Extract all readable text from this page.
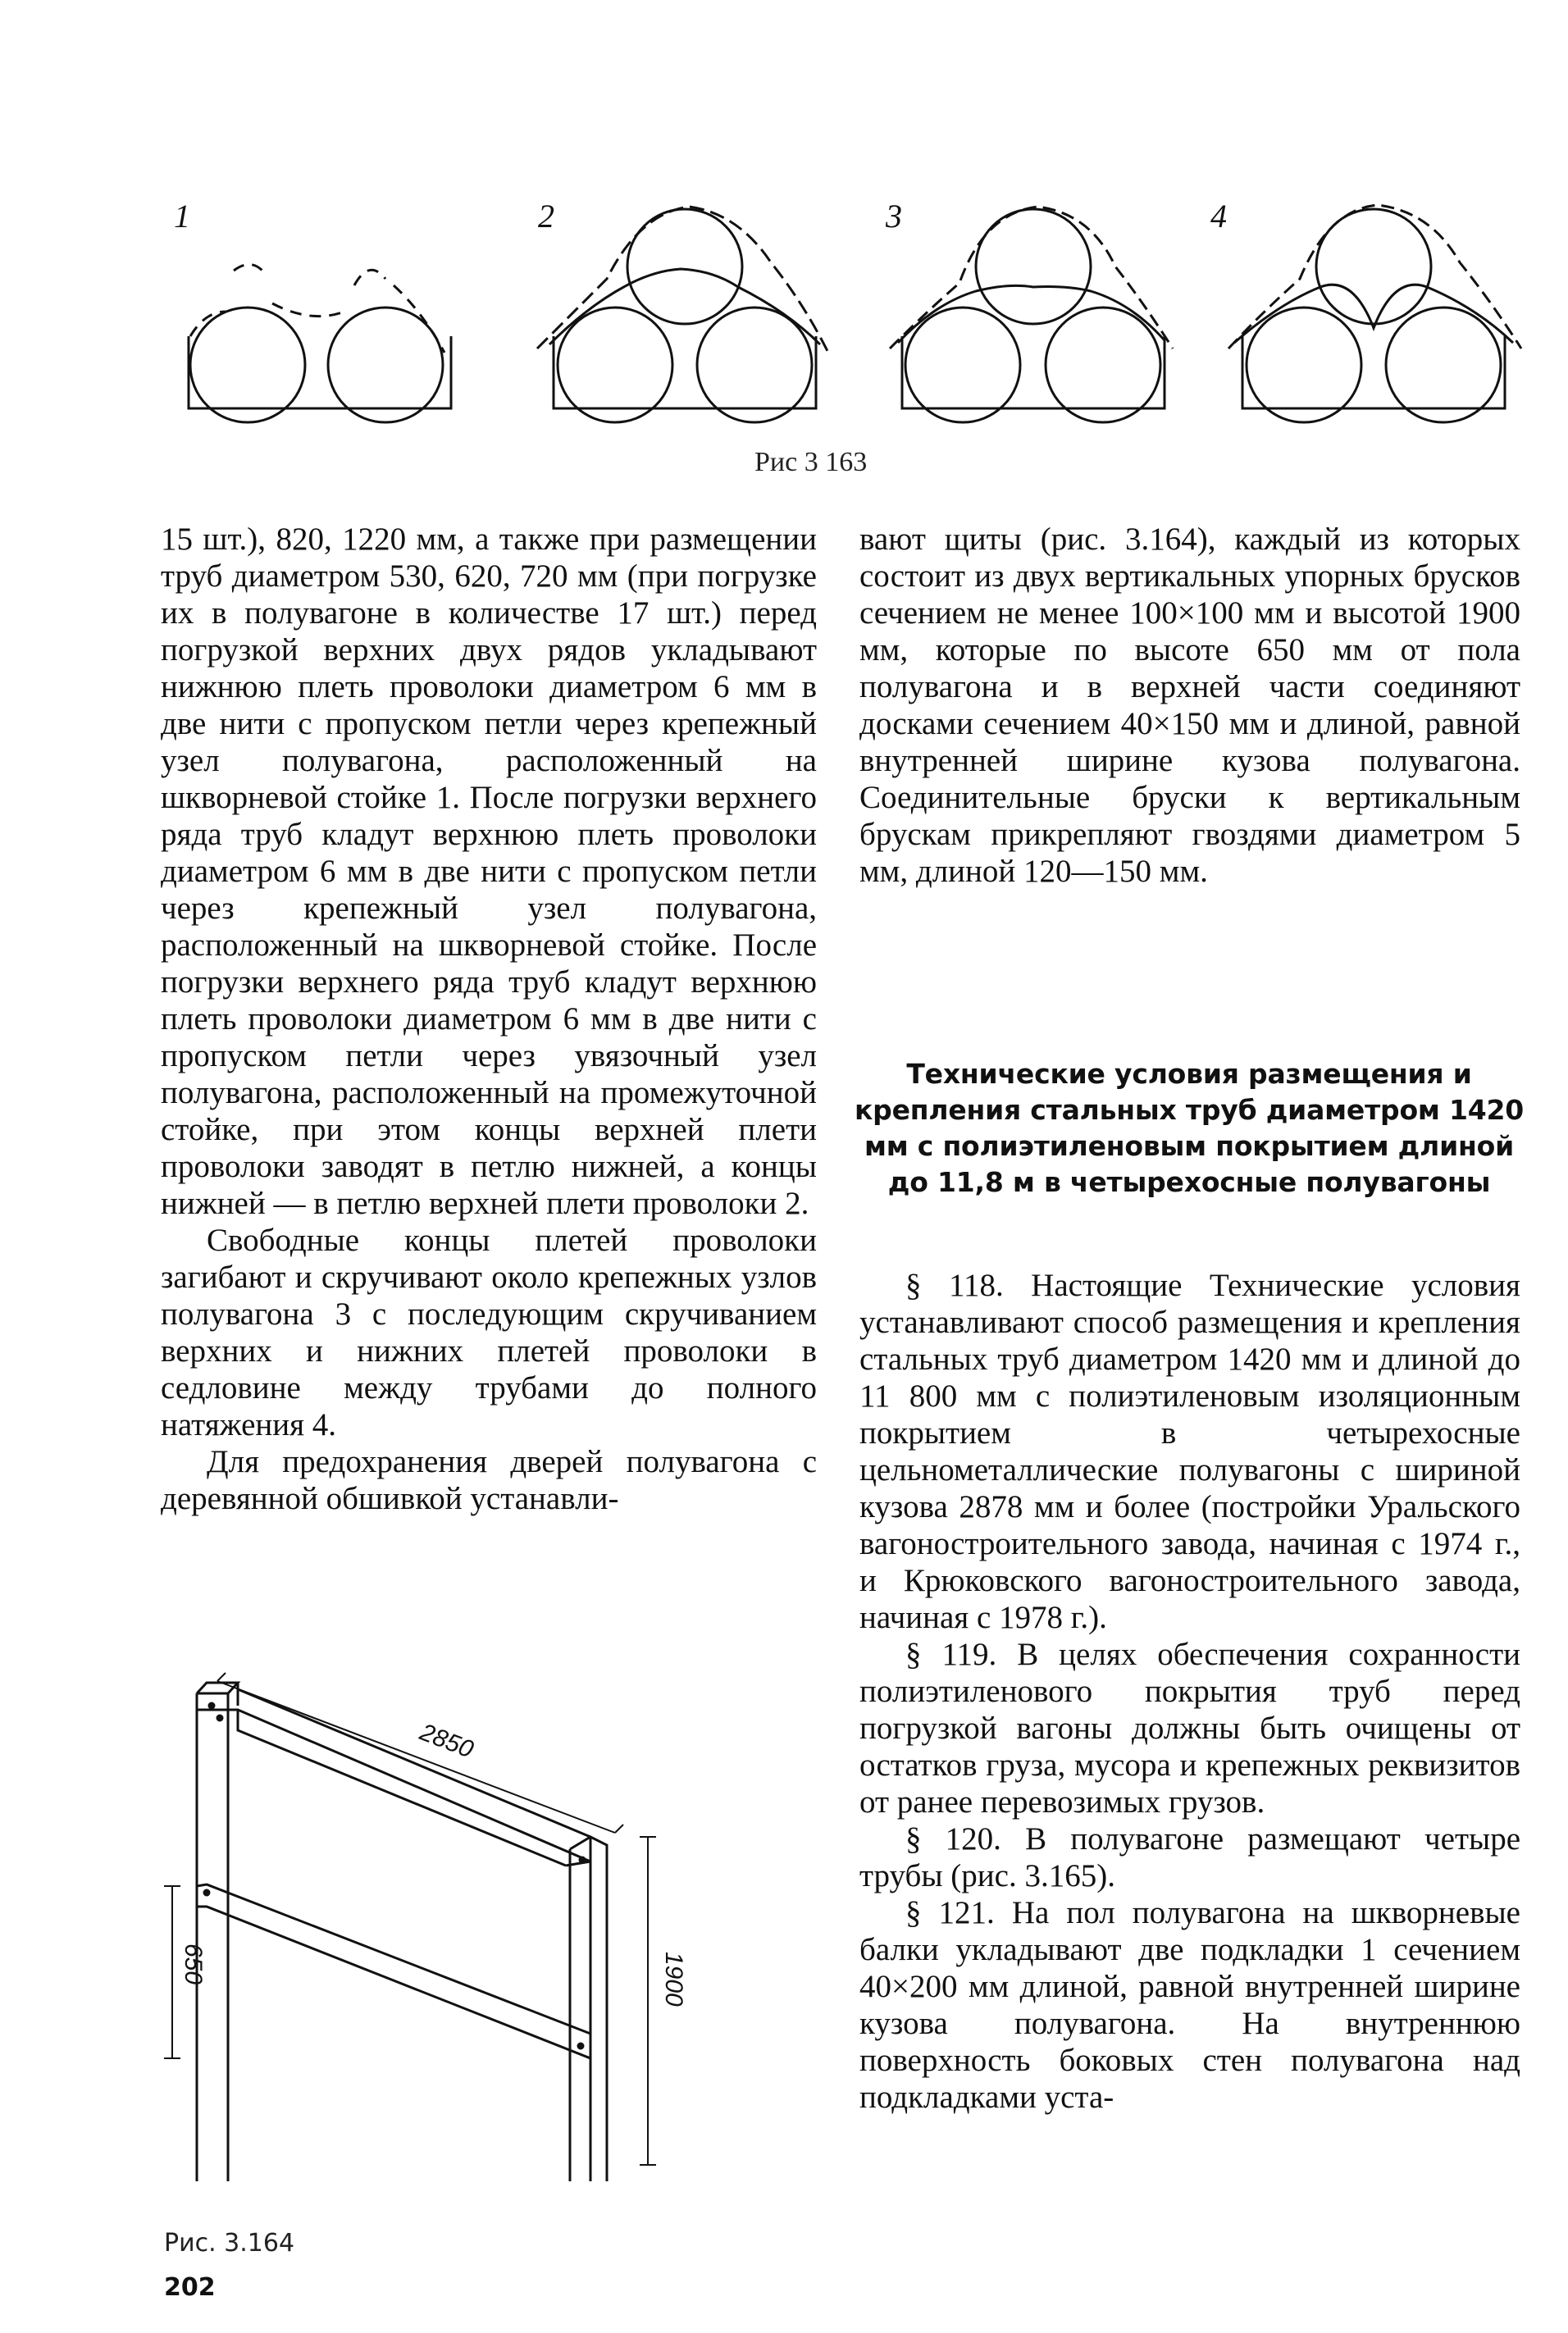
1	2	3	4
Рис 3 163

15 шт.), 820, 1220 мм, а также при размещении труб диаметром 530, 620, 720 мм (при погрузке их в полувагоне в количестве 17 шт.) перед погрузкой верхних двух рядов укладывают нижнюю плеть проволоки диаметром 6 мм в две нити с пропуском петли через крепежный узел полувагона, расположенный на шкворневой стойке 1. После погрузки верхнего ряда труб кладут верхнюю плеть проволоки диаметром 6 мм в две нити с пропуском петли через крепежный узел полувагона, расположенный на шкворневой стойке. После погрузки верхнего ряда труб кладут верхнюю плеть проволоки диаметром 6 мм в две нити с пропуском петли через увязочный узел полувагона, расположенный на промежуточной стойке, при этом концы верхней плети проволоки заводят в петлю нижней, а концы нижней — в петлю верхней плети проволоки 2.

Свободные концы плетей проволоки загибают и скручивают около крепежных узлов полувагона 3 с последующим скручиванием верхних и нижних плетей проволоки в седловине между трубами до полного натяжения 4.

Для предохранения дверей полувагона с деревянной обшивкой устанавли-

вают щиты (рис. 3.164), каждый из которых состоит из двух вертикальных упорных брусков сечением не менее 100×100 мм и высотой 1900 мм, которые по высоте 650 мм от пола полувагона и в верхней части соединяют досками сечением 40×150 мм и длиной, равной внутренней ширине кузова полувагона. Соединительные бруски к вертикальным брускам прикрепляют гвоздями диаметром 5 мм, длиной 120—150 мм.

Технические условия размещения и крепления стальных труб диаметром 1420 мм с полиэтиленовым покрытием длиной до 11,8 м в четырехосные полувагоны

§ 118. Настоящие Технические условия устанавливают способ размещения и крепления стальных труб диаметром 1420 мм и длиной до 11 800 мм с полиэтиленовым изоляционным покрытием в четырехосные цельнометаллические полувагоны с шириной кузова 2878 мм и более (постройки Уральского вагоностроительного завода, начиная с 1974 г., и Крюковского вагоностроительного завода, начиная с 1978 г.).

§ 119. В целях обеспечения сохранности полиэтиленового покрытия труб перед погрузкой вагоны должны быть очищены от остатков груза, мусора и крепежных реквизитов от ранее перевозимых грузов.

§ 120. В полувагоне размещают четыре трубы (рис. 3.165).

§ 121. На пол полувагона на шкворневые балки укладывают две подкладки 1 сечением 40×200 мм длиной, равной внутренней ширине кузова полувагона. На внутреннюю поверхность боковых стен полувагона над подкладками уста-

2850
1900
650
Рис. 3.164
202
